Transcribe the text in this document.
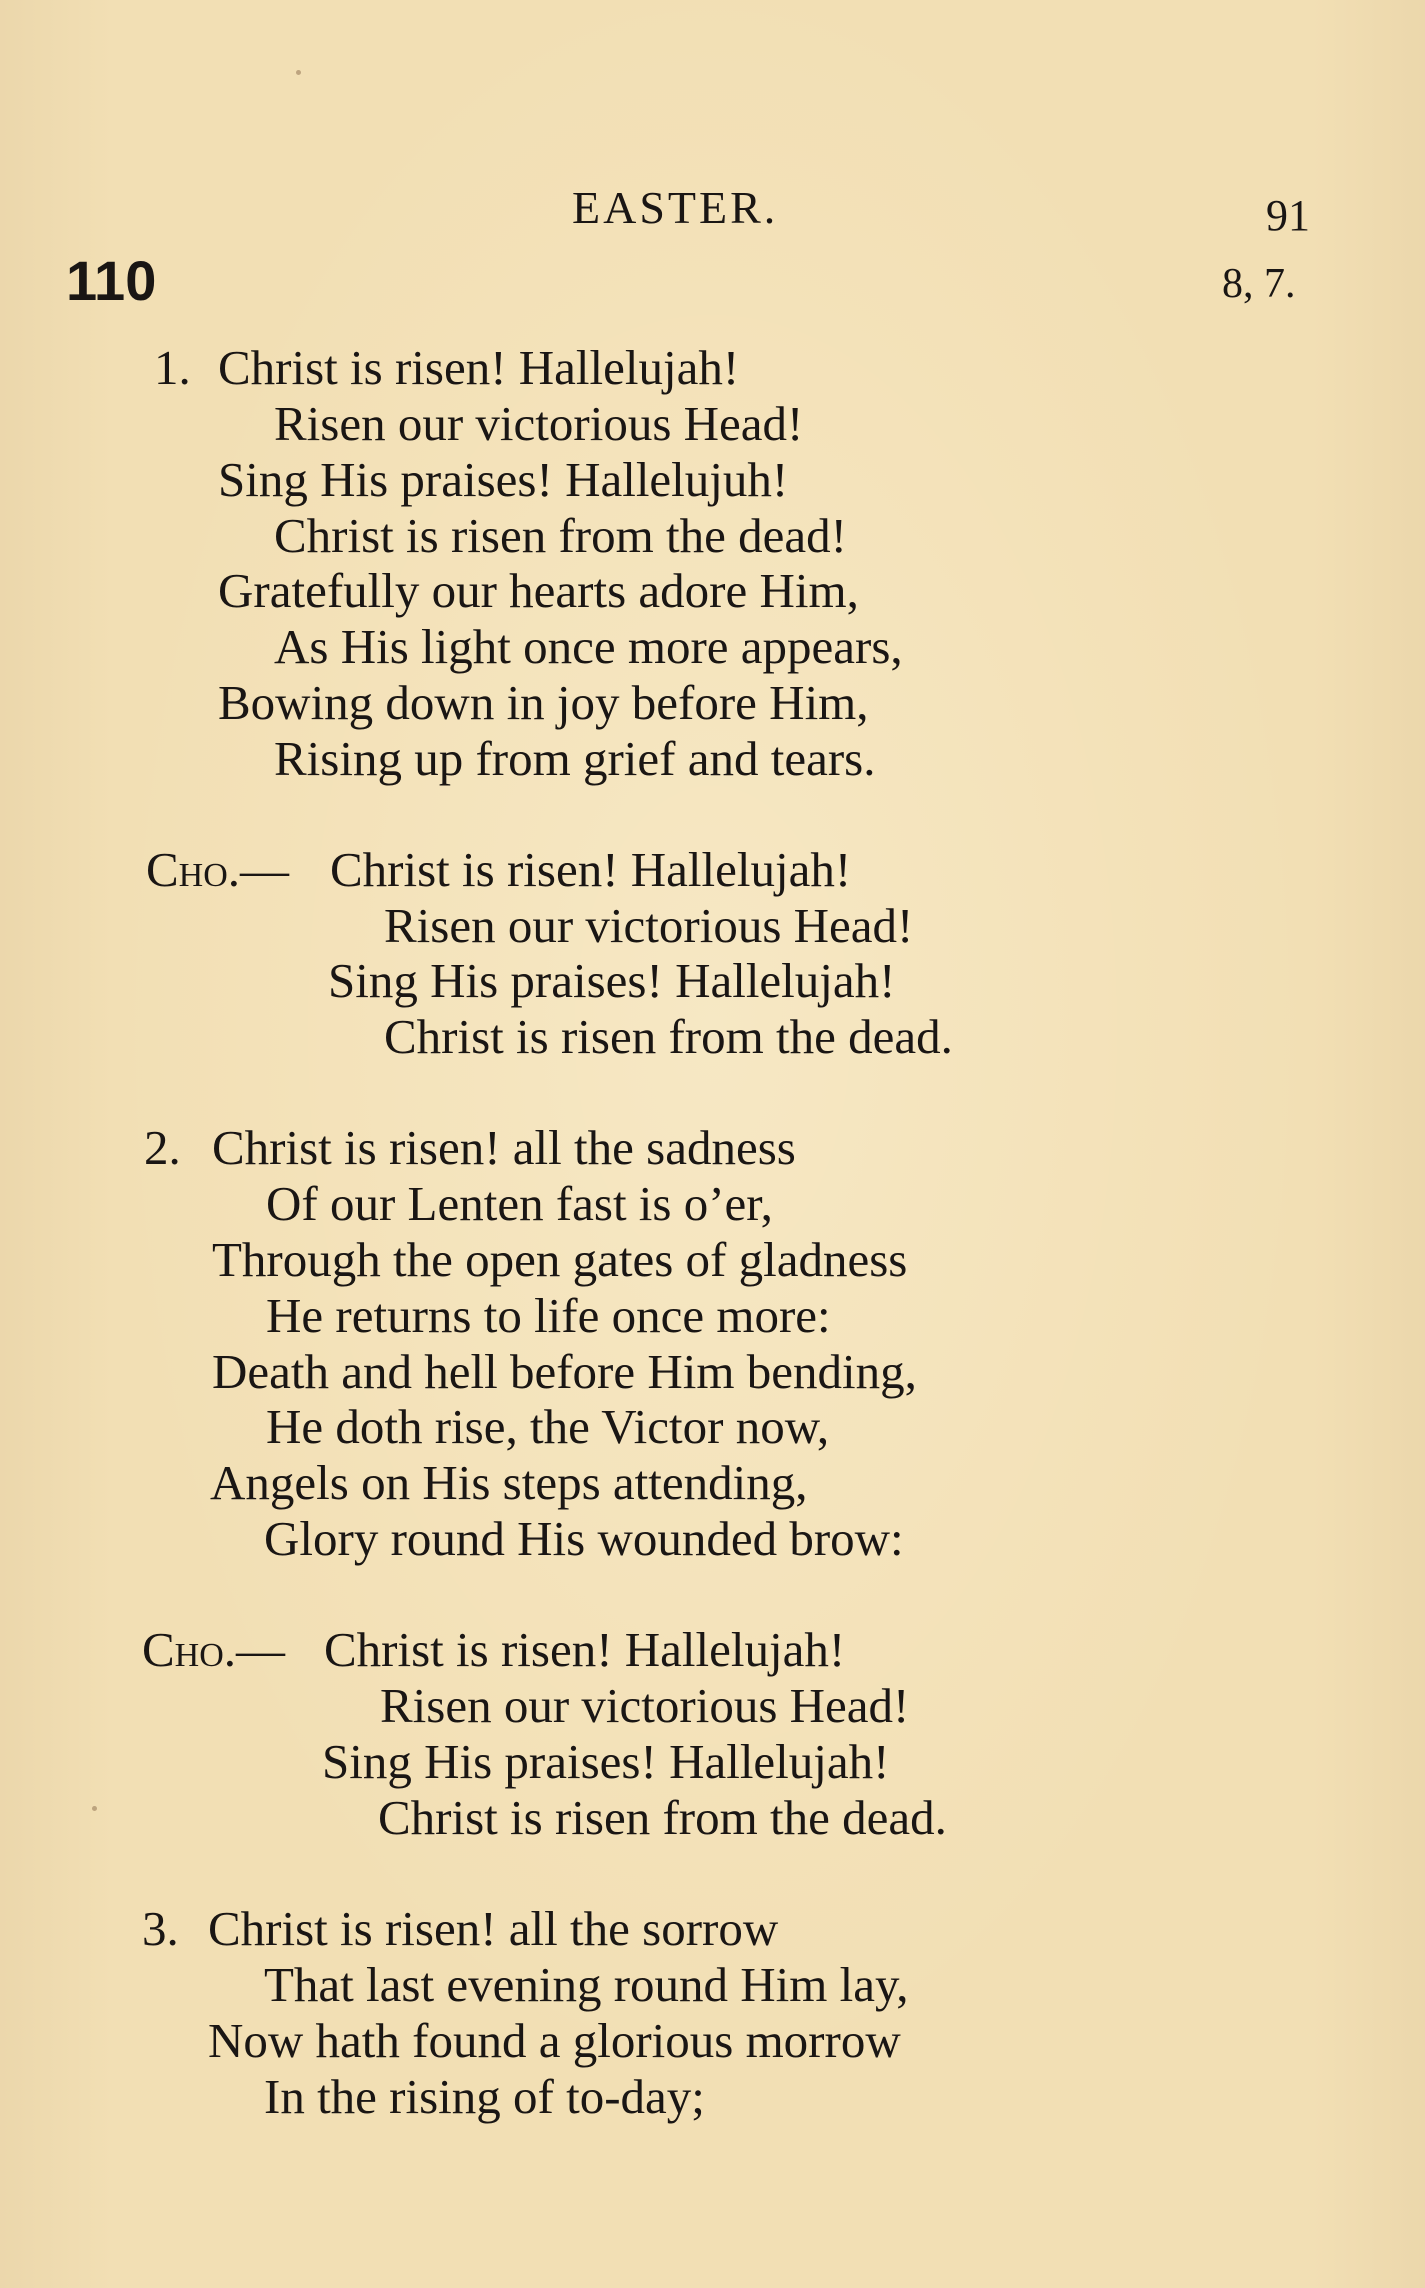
EASTER.	91
110	8, 7.
1. Christ is risen! Hallelujah!
Risen our victorious Head!
Sing His praises! Hallelujuh!
Christ is risen from the dead!
Gratefully our hearts adore Him,
As His light once more appears,
Bowing down in joy before Him,
Rising up from grief and tears.
Cho.— Christ is risen! Hallelujah!
Risen our victorious Head!
Sing His praises! Hallelujah!
Christ is risen from the dead.
2. Christ is risen! all the sadness
Of our Lenten fast is o’er,
Through the open gates of gladness
He returns to life once more:
Death and hell before Him bending,
He doth rise, the Victor now,
Angels on His steps attending,
Glory round His wounded brow:
Cho.— Christ is risen! Hallelujah!
Risen our victorious Head!
Sing His praises! Hallelujah!
Christ is risen from the dead.
3. Christ is risen! all the sorrow
That last evening round Him lay,
Now hath found a glorious morrow
In the rising of to-day;
